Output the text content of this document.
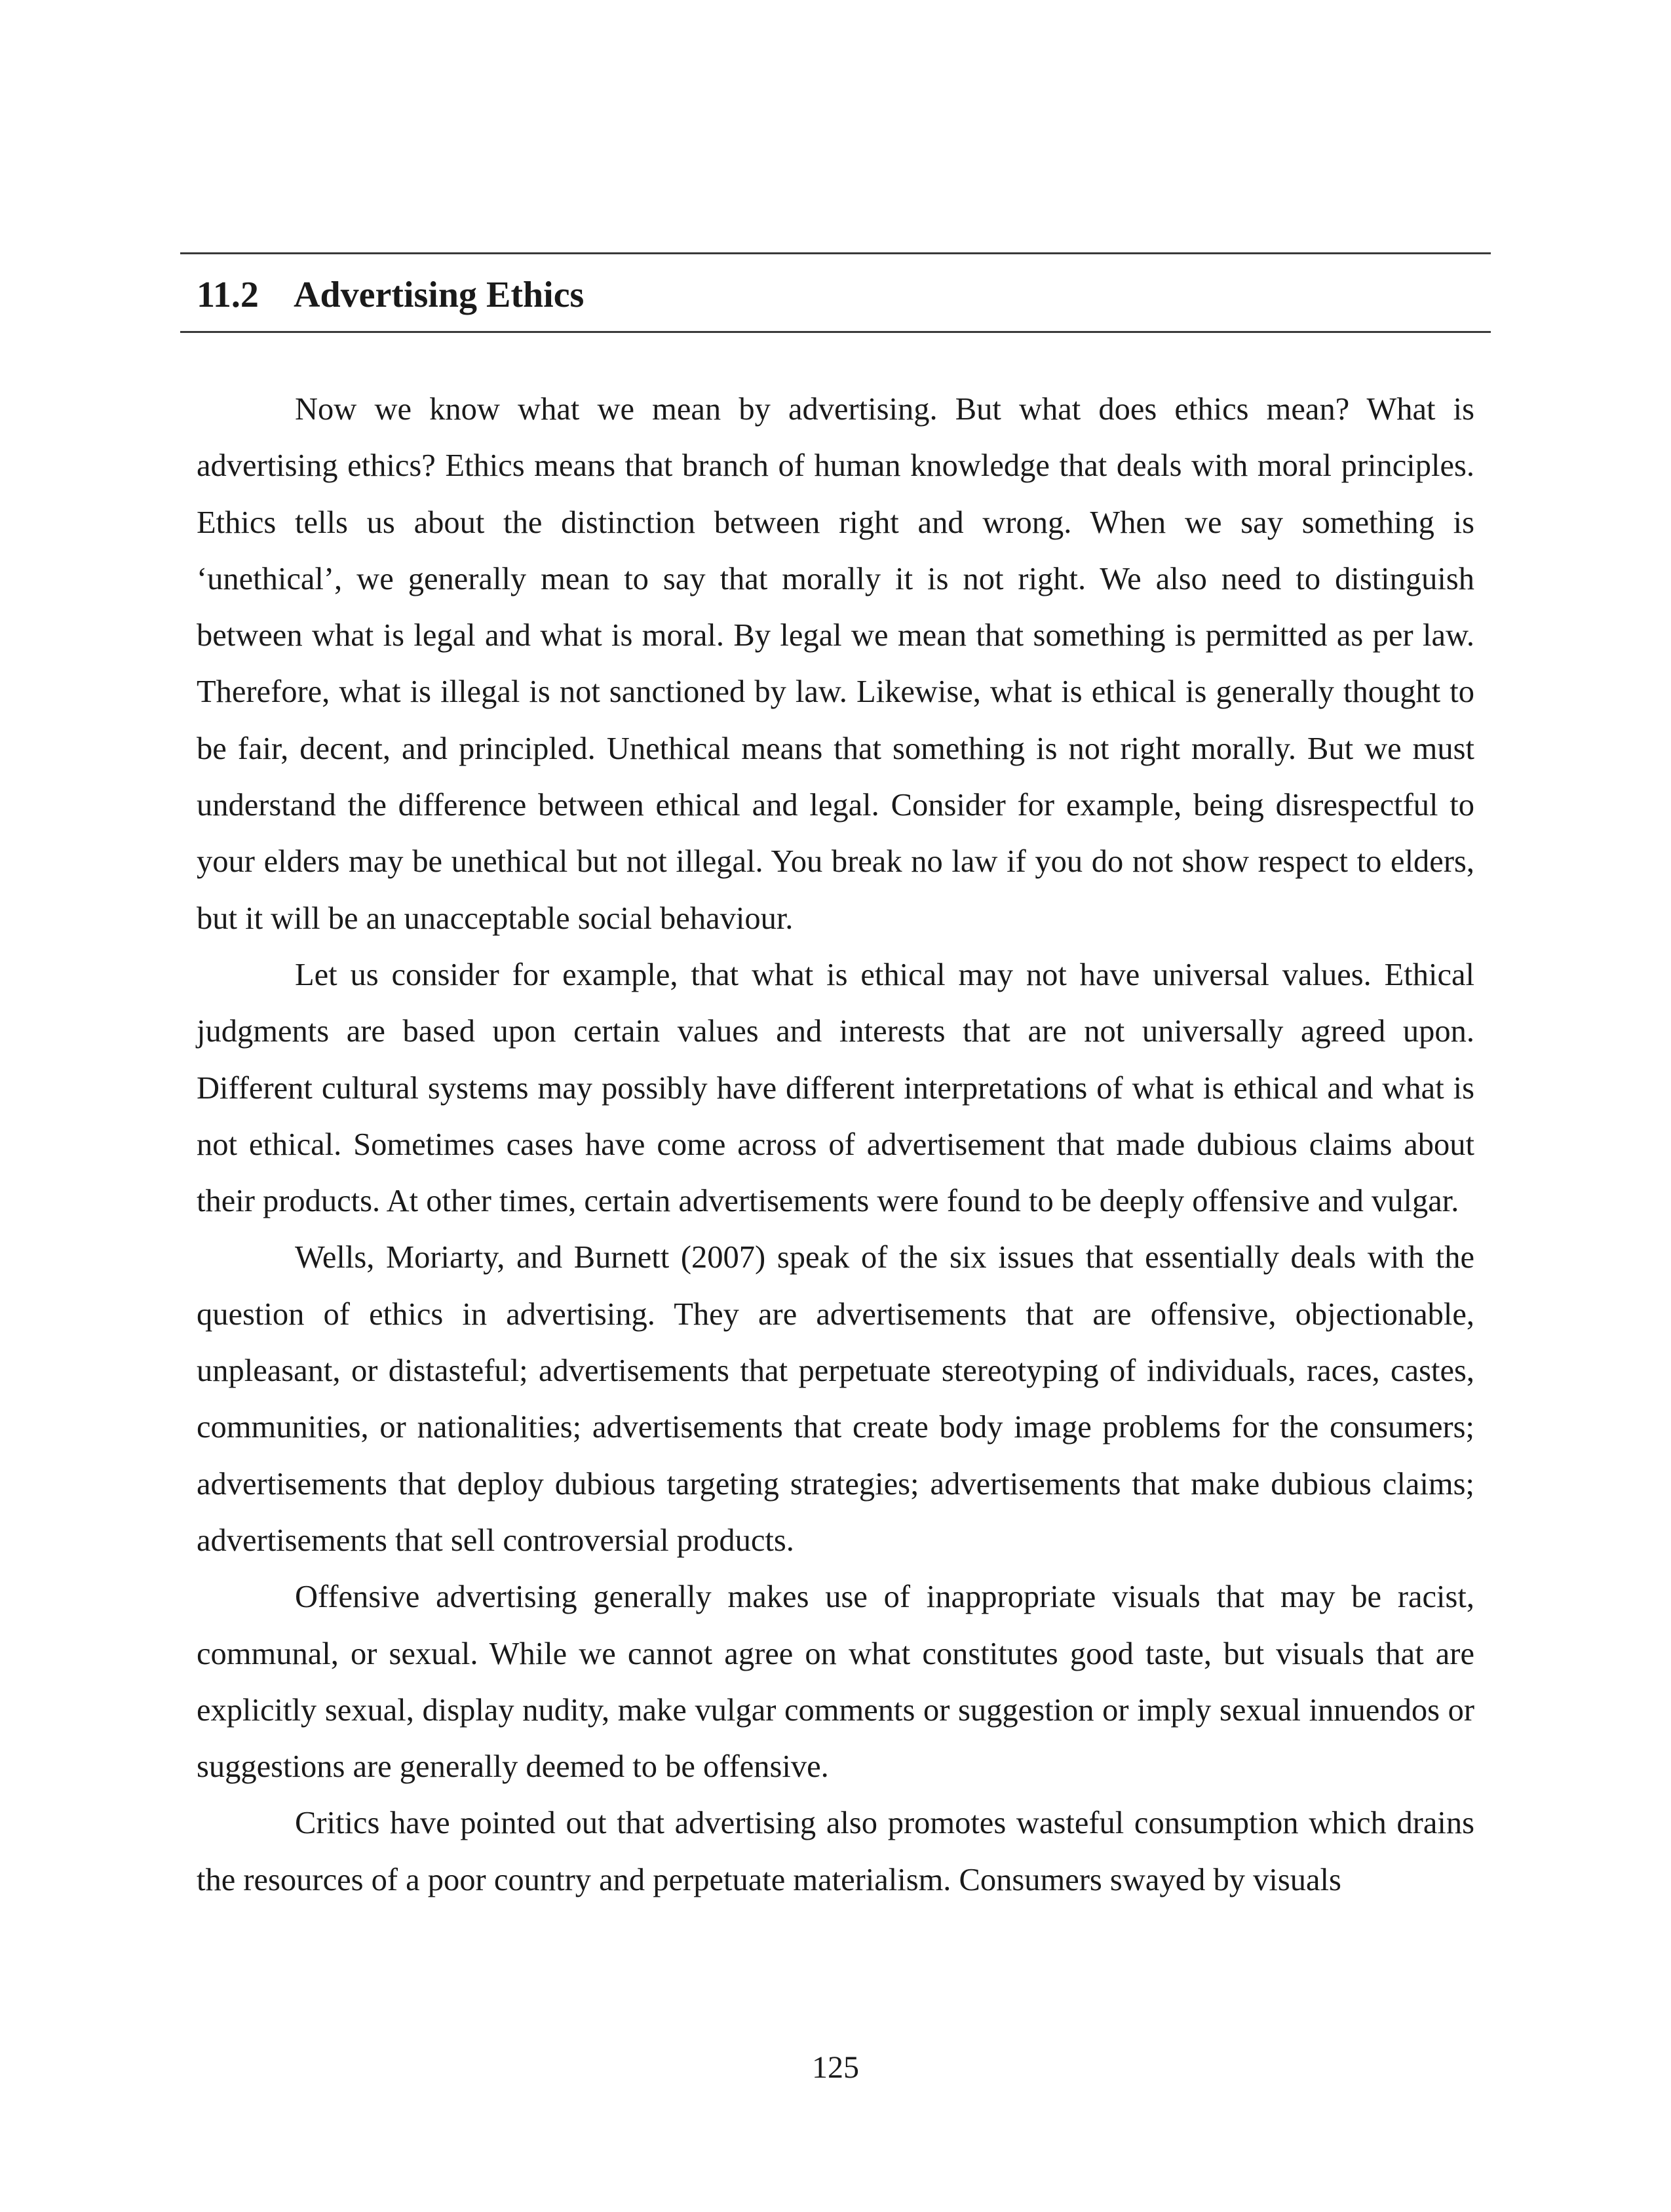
11.2 Advertising Ethics

Now we know what we mean by advertising. But what does ethics mean? What is advertising ethics? Ethics means that branch of human knowledge that deals with moral principles. Ethics tells us about the distinction between right and wrong. When we say something is ‘unethical’, we generally mean to say that morally it is not right. We also need to distinguish between what is legal and what is moral. By legal we mean that something is permitted as per law. Therefore, what is illegal is not sanctioned by law. Likewise, what is ethical is generally thought to be fair, decent, and principled. Unethical means that something is not right morally. But we must understand the difference between ethical and legal. Consider for example, being disrespectful to your elders may be unethical but not illegal. You break no law if you do not show respect to elders, but it will be an unacceptable social behaviour.

Let us consider for example, that what is ethical may not have universal values. Ethical judgments are based upon certain values and interests that are not universally agreed upon. Different cultural systems may possibly have different interpretations of what is ethical and what is not ethical. Sometimes cases have come across of advertisement that made dubious claims about their products. At other times, certain advertisements were found to be deeply offensive and vulgar.

Wells, Moriarty, and Burnett (2007) speak of the six issues that essentially deals with the question of ethics in advertising. They are advertisements that are offensive, objectionable, unpleasant, or distasteful; advertisements that perpetuate stereotyping of individuals, races, castes, communities, or nationalities; advertisements that create body image problems for the consumers; advertisements that deploy dubious targeting strategies; advertisements that make dubious claims; advertisements that sell controversial products.

Offensive advertising generally makes use of inappropriate visuals that may be racist, communal, or sexual. While we cannot agree on what constitutes good taste, but visuals that are explicitly sexual, display nudity, make vulgar comments or suggestion or imply sexual innuendos or suggestions are generally deemed to be offensive.

Critics have pointed out that advertising also promotes wasteful consumption which drains the resources of a poor country and perpetuate materialism. Consumers swayed by visuals

125
